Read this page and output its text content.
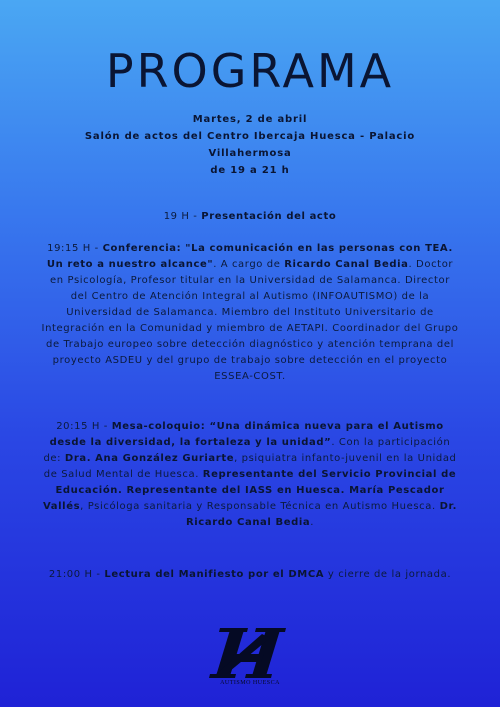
PROGRAMA
Martes, 2 de abril
Salón de actos del Centro Ibercaja Huesca - Palacio
Villahermosa
de 19 a 21 h
19 H - Presentación del acto
19:15 H - Conferencia: "La comunicación en las personas con TEA. Un reto a nuestro alcance". A cargo de Ricardo Canal Bedia. Doctor en Psicología, Profesor titular en la Universidad de Salamanca. Director del Centro de Atención Integral al Autismo (INFOAUTISMO) de la Universidad de Salamanca. Miembro del Instituto Universitario de Integración en la Comunidad y miembro de AETAPI. Coordinador del Grupo de Trabajo europeo sobre detección diagnóstico y atención temprana del proyecto ASDEU y del grupo de trabajo sobre detección en el proyecto ESSEA-COST.
20:15 H - Mesa-coloquio: “Una dinámica nueva para el Autismo desde la diversidad, la fortaleza y la unidad”. Con la participación de: Dra. Ana González Guriarte, psiquiatra infanto-juvenil en la Unidad de Salud Mental de Huesca. Representante del Servicio Provincial de Educación. Representante del IASS en Huesca. María Pescador Vallés, Psicóloga sanitaria y Responsable Técnica en Autismo Huesca. Dr. Ricardo Canal Bedia.
21:00 H - Lectura del Manifiesto por el DMCA y cierre de la jornada.
AUTISMO HUESCA
